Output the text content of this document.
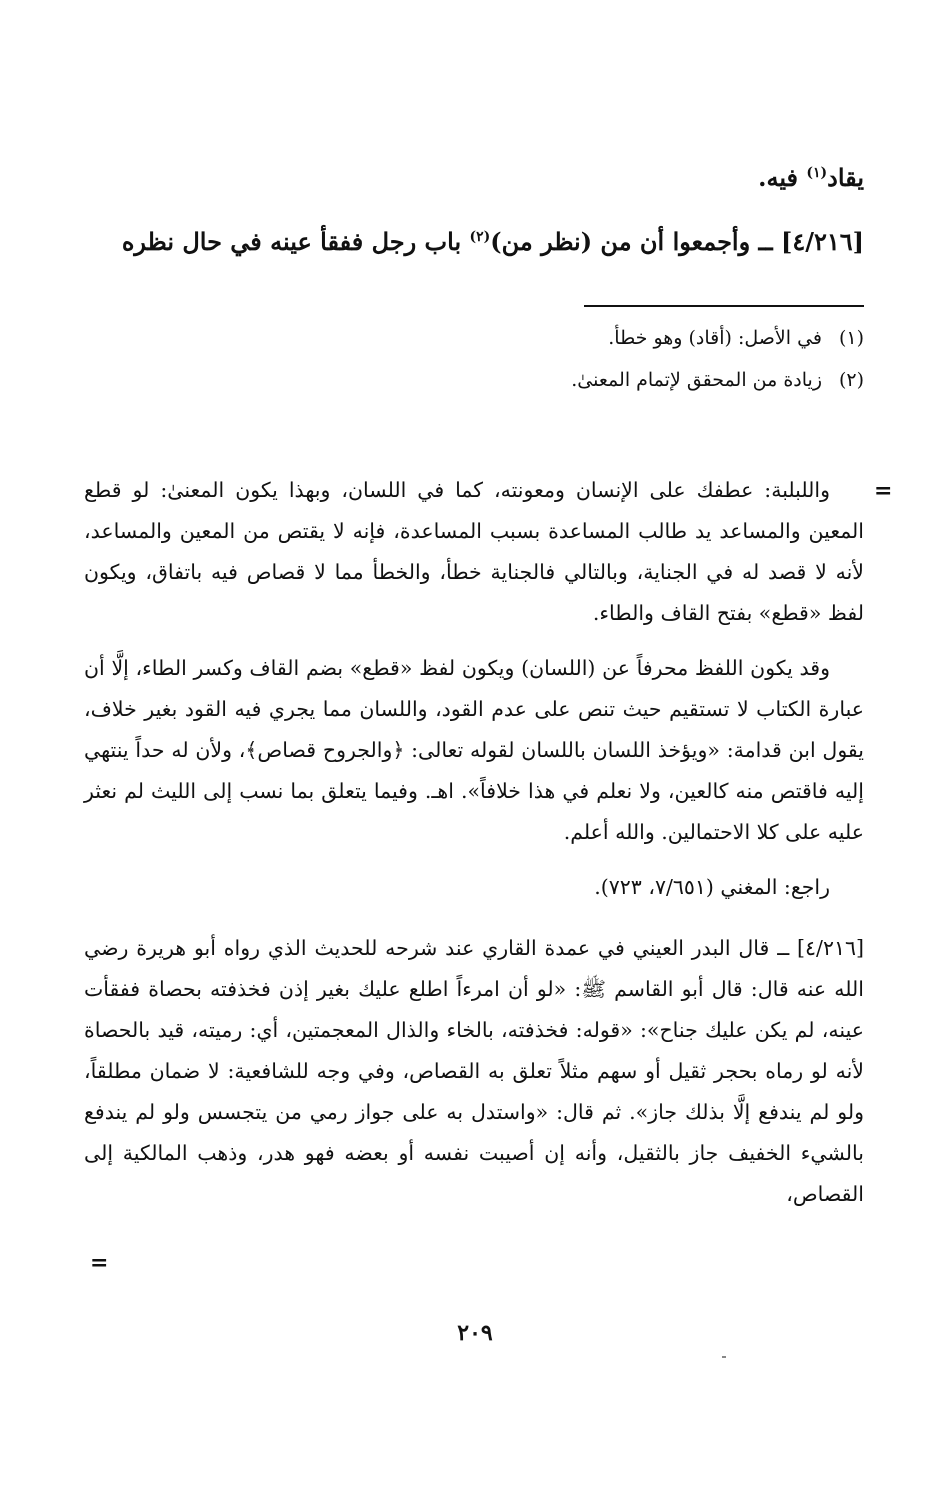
يقاد$^{(١)}$ فيه.
[٤/٢١٦] ــ وأجمعوا أن من (نظر من)$^{(٢)}$ باب رجل ففقأ عينه في حال نظره
(١)في الأصل: (أقاد) وهو خطأ.
(٢)زيادة من المحقق لإتمام المعنىٰ.
=

واللبلبة: عطفك على الإنسان ومعونته، كما في اللسان، وبهذا يكون المعنىٰ: لو قطع المعين والمساعد يد طالب المساعدة بسبب المساعدة، فإنه لا يقتص من المعين والمساعد، لأنه لا قصد له في الجناية، وبالتالي فالجناية خطأ، والخطأ مما لا قصاص فيه باتفاق، ويكون لفظ «قطع» بفتح القاف والطاء.

وقد يكون اللفظ محرفاً عن (اللسان) ويكون لفظ «قطع» بضم القاف وكسر الطاء، إلَّا أن عبارة الكتاب لا تستقيم حيث تنص على عدم القود، واللسان مما يجري فيه القود بغير خلاف، يقول ابن قدامة: «ويؤخذ اللسان باللسان لقوله تعالى: ﴿والجروح قصاص﴾، ولأن له حداً ينتهي إليه فاقتص منه كالعين، ولا نعلم في هذا خلافاً». اهـ. وفيما يتعلق بما نسب إلى الليث لم نعثر عليه على كلا الاحتمالين. والله أعلم.

راجع: المغني (٧/٦٥١، ٧٢٣).

[٤/٢١٦] ــ قال البدر العيني في عمدة القاري عند شرحه للحديث الذي رواه أبو هريرة رضي الله عنه قال: قال أبو القاسم ﷺ: «لو أن امرءاً اطلع عليك بغير إذن فخذفته بحصاة ففقأت عينه، لم يكن عليك جناح»: «قوله: فخذفته، بالخاء والذال المعجمتين، أي: رميته، قيد بالحصاة لأنه لو رماه بحجر ثقيل أو سهم مثلاً تعلق به القصاص، وفي وجه للشافعية: لا ضمان مطلقاً، ولو لم يندفع إلَّا بذلك جاز». ثم قال: «واستدل به على جواز رمي من يتجسس ولو لم يندفع بالشيء الخفيف جاز بالثقيل، وأنه إن أصيبت نفسه أو بعضه فهو هدر، وذهب المالكية إلى القصاص،

=
٢٠٩
